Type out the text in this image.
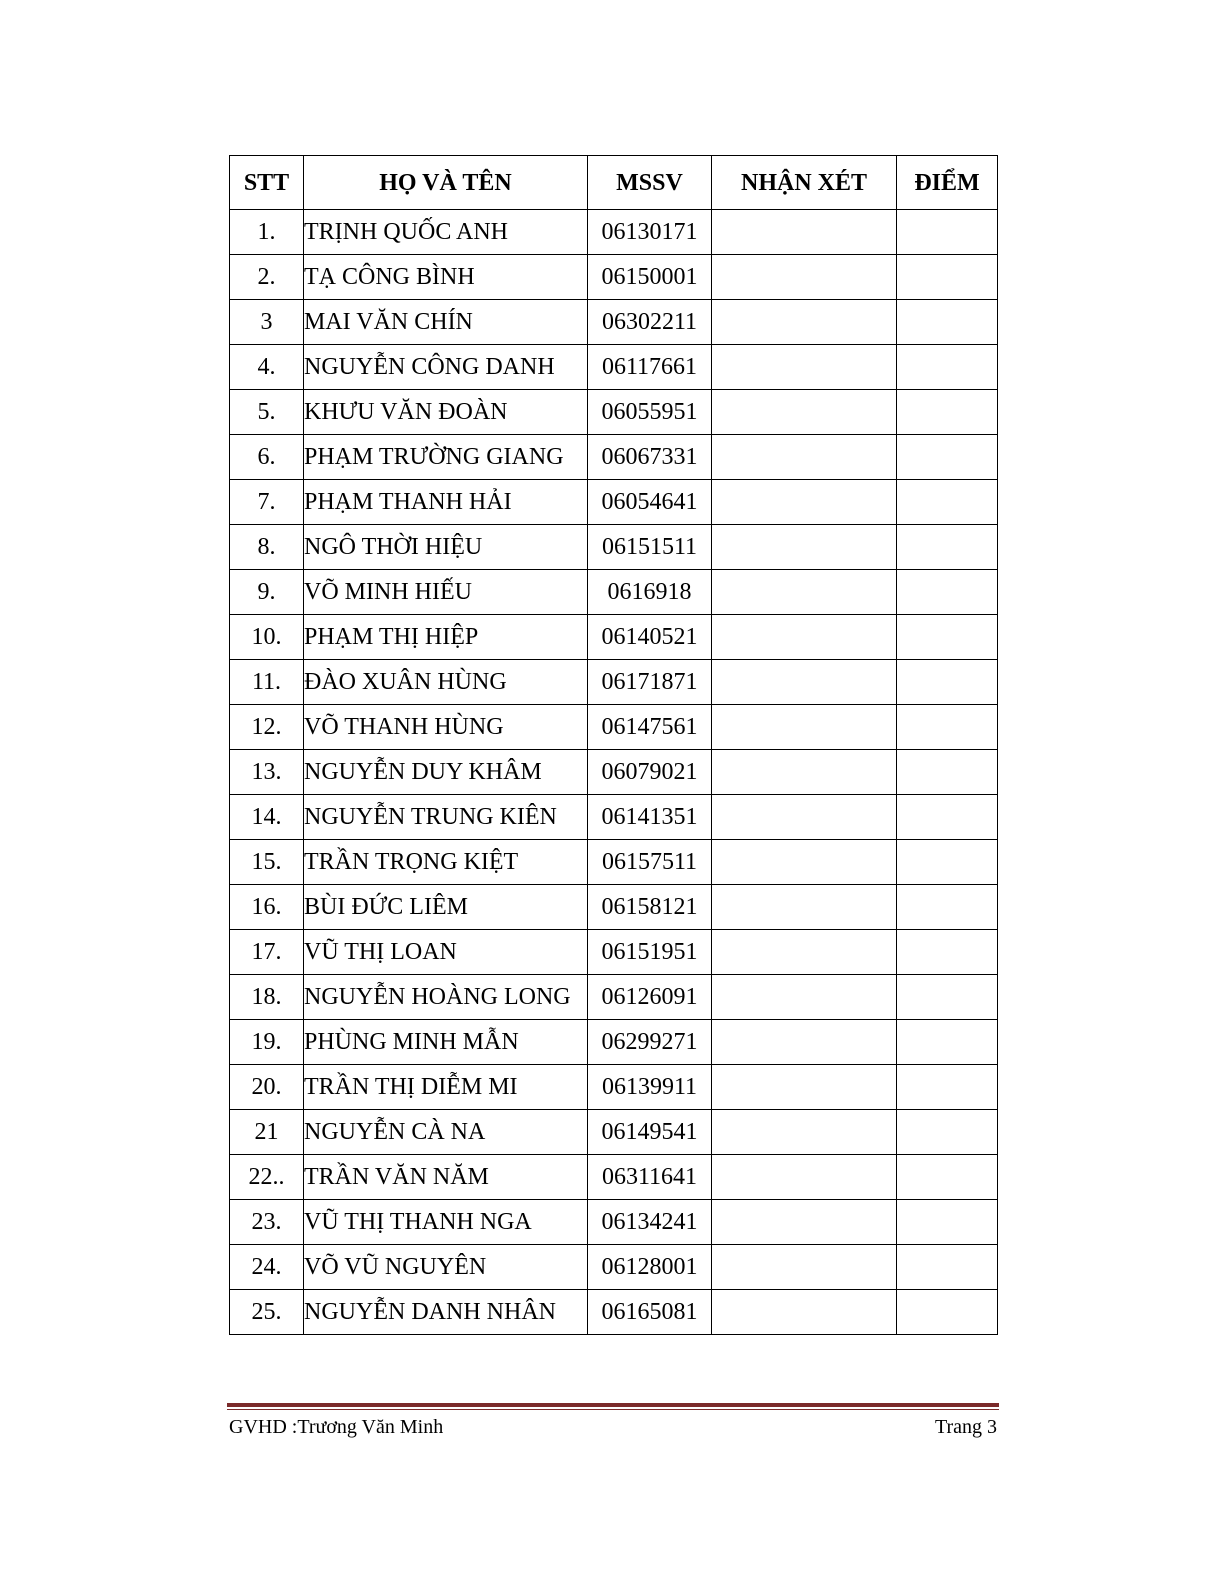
STT	HỌ VÀ TÊN	MSSV	NHẬN XÉT	ĐIỂM
1.	TRỊNH QUỐC ANH	06130171		
2.	TẠ CÔNG BÌNH	06150001		
3	MAI VĂN CHÍN	06302211		
4.	NGUYỄN CÔNG DANH	06117661		
5.	KHƯU VĂN ĐOÀN	06055951		
6.	PHẠM TRƯỜNG GIANG	06067331		
7.	PHẠM THANH HẢI	06054641		
8.	NGÔ THỜI HIỆU	06151511		
9.	VÕ MINH HIẾU	0616918		
10.	PHẠM THỊ HIỆP	06140521		
11.	ĐÀO XUÂN HÙNG	06171871		
12.	VÕ THANH HÙNG	06147561		
13.	NGUYỄN DUY KHÂM	06079021		
14.	NGUYỄN TRUNG KIÊN	06141351		
15.	TRẦN TRỌNG KIỆT	06157511		
16.	BÙI ĐỨC LIÊM	06158121		
17.	VŨ THỊ LOAN	06151951		
18.	NGUYỄN HOÀNG LONG	06126091		
19.	PHÙNG MINH MẪN	06299271		
20.	TRẦN THỊ DIỄM MI	06139911		
21	NGUYỄN CÀ NA	06149541		
22..	TRẦN VĂN NĂM	06311641		
23.	VŨ THỊ THANH NGA	06134241		
24.	VÕ VŨ NGUYÊN	06128001		
25.	NGUYỄN DANH NHÂN	06165081		
GVHD :Trương Văn Minh	Trang 3
